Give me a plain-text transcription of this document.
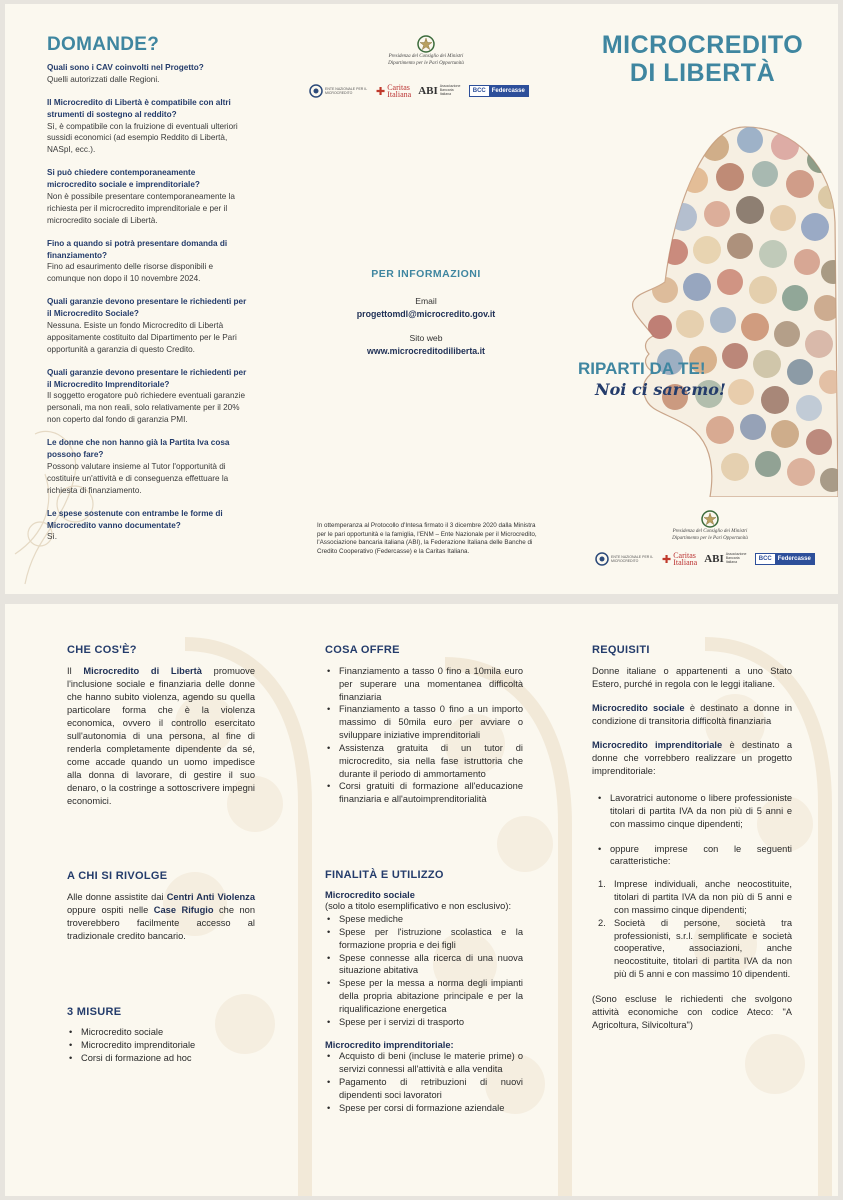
DOMANDE?
Quali sono i CAV coinvolti nel Progetto?
Quelli autorizzati dalle Regioni.
Il Microcredito di Libertà è compatibile con altri strumenti di sostegno al reddito?
Sì, è compatibile con la fruizione di eventuali ulteriori sussidi economici (ad esempio Reddito di Libertà, NASpI, ecc.).
Si può chiedere contemporaneamente microcredito sociale e imprenditoriale?
Non è possibile presentare contemporaneamente la richiesta per il microcredito imprenditoriale e per il microcredito sociale di Libertà.
Fino a quando si potrà presentare domanda di finanziamento?
Fino ad esaurimento delle risorse disponibili e comunque non dopo il 10 novembre 2024.
Quali garanzie devono presentare le richiedenti per il Microcredito Sociale?
Nessuna. Esiste un fondo Microcredito di Libertà appositamente costituito dal Dipartimento per le Pari opportunità a garanzia di questo Credito.
Quali garanzie devono presentare le richiedenti per il Microcredito Imprenditoriale?
Il soggetto erogatore può richiedere eventuali garanzie personali, ma non reali, solo relativamente per il 20% non coperto dal fondo di garanzia PMI.
Le donne che non hanno già la Partita Iva cosa possono fare?
Possono valutare insieme al Tutor l'opportunità di costituire un'attività e di conseguenza effettuare la richiesta di finanziamento.
Le spese sostenute con entrambe le forme di Microcredito vanno documentate?
Sì.
Presidenza del Consiglio dei Ministri
Dipartimento per le Pari Opportunità
ENTE NAZIONALE PER IL MICROCREDITO	✚ Caritas
Italiana ABI Associazione Bancaria Italiana	BCC	Federcasse
PER INFORMAZIONI
Email
progettomdl@microcredito.gov.it
Sito web
www.microcreditodiliberta.it
In ottemperanza al Protocollo d'Intesa firmato il 3 dicembre 2020 dalla Ministra per le pari opportunità e la famiglia, l'ENM – Ente Nazionale per il Microcredito, l'Associazione bancaria italiana (ABI), la Federazione Italiana delle Banche di Credito Cooperativo (Federcasse) e la Caritas Italiana.
MICROCREDITO
DI LIBERTÀ
RIPARTI DA TE!
Noi ci saremo!
Presidenza del Consiglio dei Ministri
Dipartimento per le Pari Opportunità
ENTE NAZIONALE PER IL MICROCREDITO	✚ Caritas
Italiana ABI Associazione Bancaria Italiana	BCC	Federcasse
CHE COS'È?
Il Microcredito di Libertà promuove l'inclusione sociale e finanziaria delle donne che hanno subito violenza, agendo su quella particolare forma che è la violenza economica, ovvero il controllo esercitato sull'autonomia di una persona, al fine di renderla completamente dipendente da sé, come accade quando un uomo impedisce alla donna di lavorare, di gestire il suo denaro, o la costringe a sottoscrivere impegni economici.
A CHI SI RIVOLGE
Alle donne assistite dai Centri Anti Violenza oppure ospiti nelle Case Rifugio che non troverebbero facilmente accesso al tradizionale credito bancario.
3 MISURE
• Microcredito sociale
• Microcredito imprenditoriale
• Corsi di formazione ad hoc
COSA OFFRE
• Finanziamento a tasso 0 fino a 10mila euro per superare una momentanea difficoltà finanziaria
• Finanziamento a tasso 0 fino a un importo massimo di 50mila euro per avviare o sviluppare iniziative imprenditoriali
• Assistenza gratuita di un tutor di microcredito, sia nella fase istruttoria che durante il periodo di ammortamento
• Corsi gratuiti di formazione all'educazione finanziaria e all'autoimprenditorialità
FINALITÀ E UTILIZZO
Microcredito sociale
(solo a titolo esemplificativo e non esclusivo):
• Spese mediche
• Spese per l'istruzione scolastica e la formazione propria e dei figli
• Spese connesse alla ricerca di una nuova situazione abitativa
• Spese per la messa a norma degli impianti della propria abitazione principale e per la riqualificazione energetica
• Spese per i servizi di trasporto
Microcredito imprenditoriale:
• Acquisto di beni (incluse le materie prime) o servizi connessi all'attività e alla vendita
• Pagamento di retribuzioni di nuovi dipendenti soci lavoratori
• Spese per corsi di formazione aziendale
REQUISITI
Donne italiane o appartenenti a uno Stato Estero, purché in regola con le leggi italiane.
Microcredito sociale è destinato a donne in condizione di transitoria difficoltà finanziaria
Microcredito imprenditoriale è destinato a donne che vorrebbero realizzare un progetto imprenditoriale:
• Lavoratrici autonome o libere professioniste titolari di partita IVA da non più di 5 anni e con massimo cinque dipendenti;
• oppure imprese con le seguenti caratteristiche:
1. Imprese individuali, anche neocostituite, titolari di partita IVA da non più di 5 anni e con massimo cinque dipendenti;
2. Società di persone, società tra professionisti, s.r.l. semplificate e società cooperative, associazioni, anche neocostituite, titolari di partita IVA da non più di 5 anni e con massimo 10 dipendenti.
(Sono escluse le richiedenti che svolgono attività economiche con codice Ateco: "A Agricoltura, Silvicoltura")
